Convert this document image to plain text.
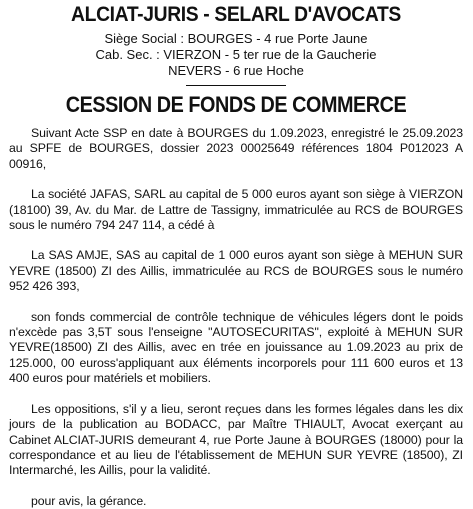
ALCIAT-JURIS - SELARL D'AVOCATS
Siège Social : BOURGES - 4 rue Porte Jaune
Cab. Sec. : VIERZON - 5 ter rue de la Gaucherie
NEVERS - 6 rue Hoche
CESSION DE FONDS DE COMMERCE

Suivant Acte SSP en date à BOURGES du 1.09.2023, enregistré le 25.09.2023 au SPFE de BOURGES, dossier 2023 00025649 références 1804 P012023 A 00916,

La société JAFAS, SARL au capital de 5 000 euros ayant son siège à VIERZON (18100) 39, Av. du Mar. de Lattre de Tassigny, immatriculée au RCS de BOURGES sous le numéro 794 247 114, a cédé à

La SAS AMJE, SAS au capital de 1 000 euros ayant son siège à MEHUN SUR YEVRE (18500) ZI des Aillis, immatriculée au RCS de BOURGES sous le numéro 952 426 393,

son fonds commercial de contrôle technique de véhicules légers dont le poids n'excède pas 3,5T sous l'enseigne "AUTOSECURITAS", exploité à MEHUN SUR YEVRE(18500) ZI des Aillis, avec en trée en jouissance au 1.09.2023 au prix de 125.000, 00 euross'appliquant aux éléments incorporels pour 111 600 euros et 13 400 euros pour matériels et mobiliers.

Les oppositions, s'il y a lieu, seront reçues dans les formes légales dans les dix jours de la publication au BODACC, par Maître THIAULT, Avocat exerçant au Cabinet ALCIAT-JURIS demeurant 4, rue Porte Jaune à BOURGES (18000) pour la correspondance et au lieu de l'établissement de MEHUN SUR YEVRE (18500), ZI Intermarché, les Aillis, pour la validité.

pour avis, la gérance.
